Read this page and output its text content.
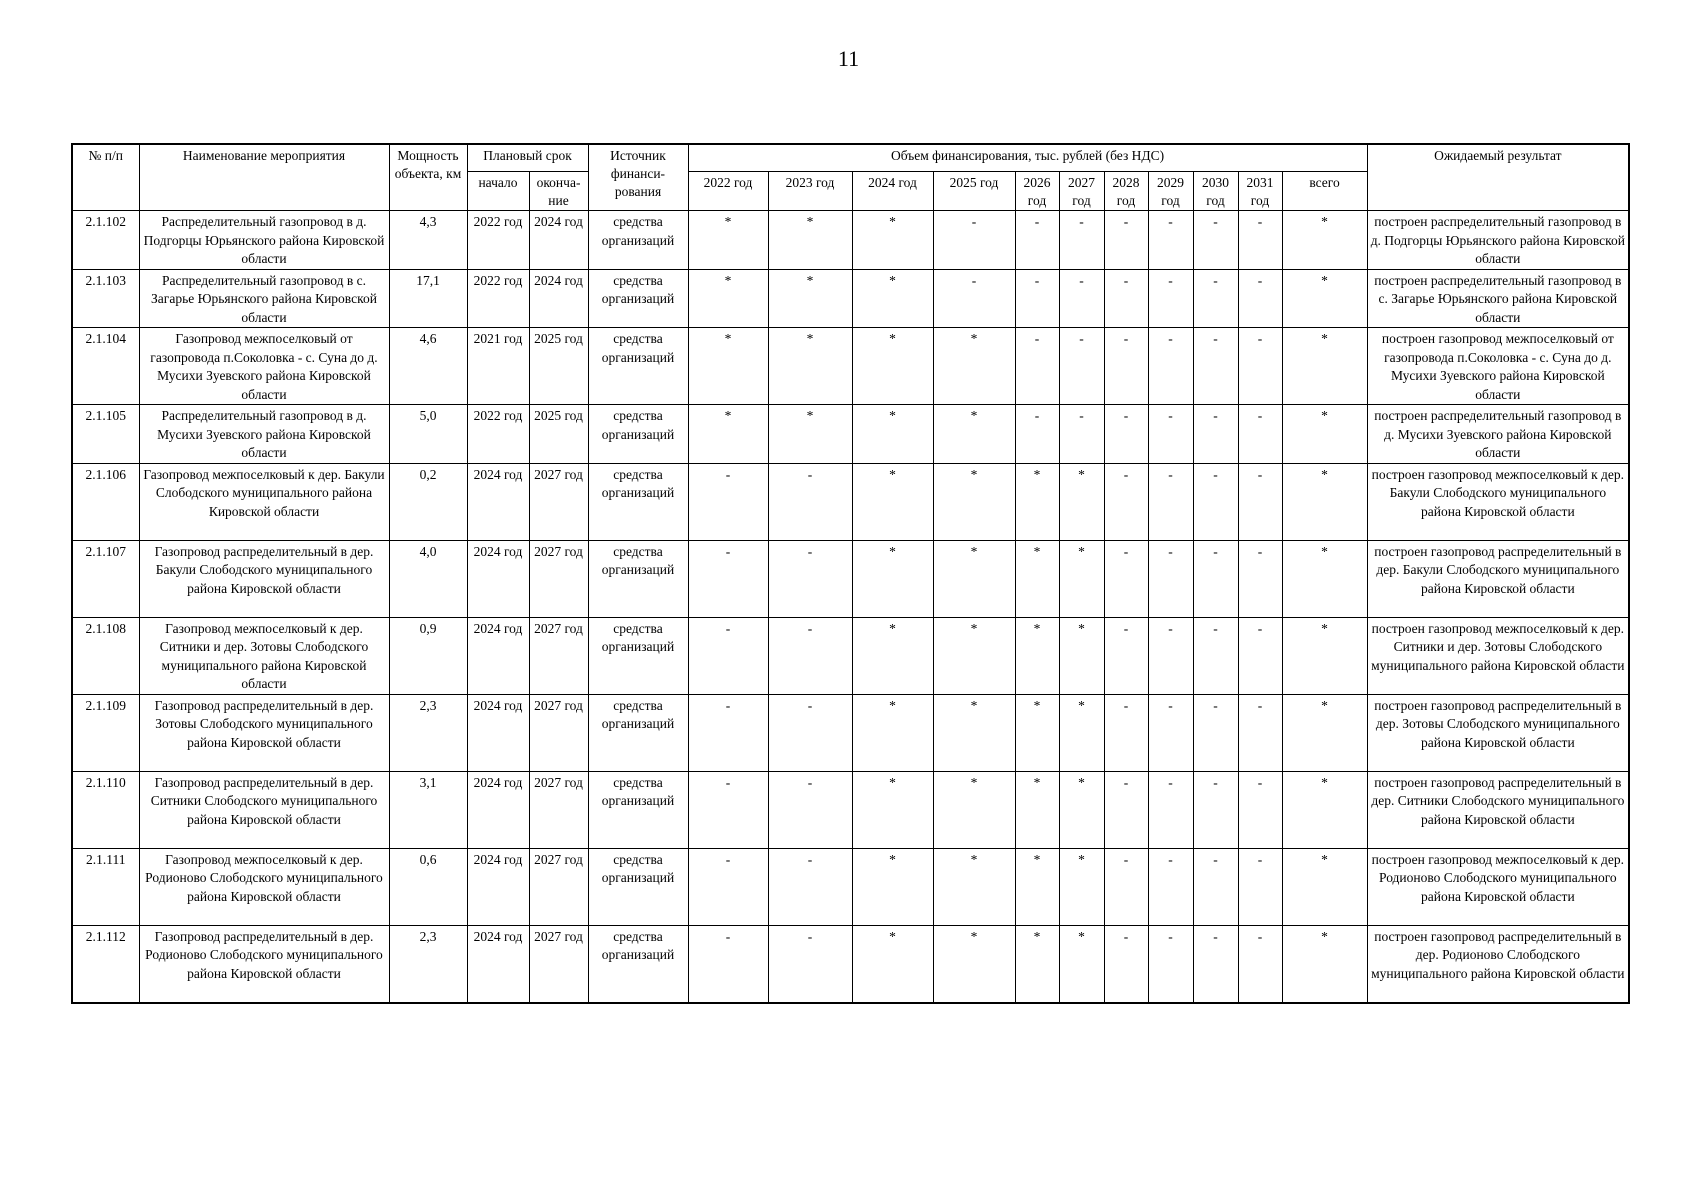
11
№ п/п	Наименование мероприятия	Мощность объекта, км	Плановый срок		Источник финанси-рования	Объем финансирования, тыс. рублей (без НДС)											Ожидаемый результат
			начало	оконча-ние		2022 год	2023 год	2024 год	2025 год	2026 год	2027 год	2028 год	2029 год	2030 год	2031 год	всего	
2.1.102	Распределительный газопровод в д. Подгорцы Юрьянского района Кировской области	4,3	2022 год	2024 год	средства организаций	*	*	*	-	-	-	-	-	-	-	*	построен распределительный газопровод в д. Подгорцы Юрьянского района Кировской области
2.1.103	Распределительный газопровод в с. Загарье Юрьянского района Кировской области	17,1	2022 год	2024 год	средства организаций	*	*	*	-	-	-	-	-	-	-	*	построен распределительный газопровод в с. Загарье Юрьянского района Кировской области
2.1.104	Газопровод межпоселковый от газопровода п.Соколовка - с. Суна до д. Мусихи Зуевского района Кировской области	4,6	2021 год	2025 год	средства организаций	*	*	*	*	-	-	-	-	-	-	*	построен газопровод межпоселковый от газопровода п.Соколовка - с. Суна до д. Мусихи Зуевского района Кировской области
2.1.105	Распределительный газопровод в д. Мусихи Зуевского района Кировской области	5,0	2022 год	2025 год	средства организаций	*	*	*	*	-	-	-	-	-	-	*	построен распределительный газопровод в д. Мусихи Зуевского района Кировской области
2.1.106	Газопровод межпоселковый к дер. Бакули Слободского муниципального района Кировской области	0,2	2024 год	2027 год	средства организаций	-	-	*	*	*	*	-	-	-	-	*	построен газопровод межпоселковый к дер. Бакули Слободского муниципального района Кировской области
2.1.107	Газопровод распределительный в дер. Бакули Слободского муниципального района Кировской области	4,0	2024 год	2027 год	средства организаций	-	-	*	*	*	*	-	-	-	-	*	построен газопровод распределительный в дер. Бакули Слободского муниципального района Кировской области
2.1.108	Газопровод межпоселковый к дер. Ситники и дер. Зотовы Слободского муниципального района Кировской области	0,9	2024 год	2027 год	средства организаций	-	-	*	*	*	*	-	-	-	-	*	построен газопровод межпоселковый к дер. Ситники и дер. Зотовы Слободского муниципального района Кировской области
2.1.109	Газопровод распределительный в дер. Зотовы Слободского муниципального района Кировской области	2,3	2024 год	2027 год	средства организаций	-	-	*	*	*	*	-	-	-	-	*	построен газопровод распределительный в дер. Зотовы Слободского муниципального района Кировской области
2.1.110	Газопровод распределительный в дер. Ситники Слободского муниципального района Кировской области	3,1	2024 год	2027 год	средства организаций	-	-	*	*	*	*	-	-	-	-	*	построен газопровод распределительный в дер. Ситники Слободского муниципального района Кировской области
2.1.111	Газопровод межпоселковый к дер. Родионово Слободского муниципального района Кировской области	0,6	2024 год	2027 год	средства организаций	-	-	*	*	*	*	-	-	-	-	*	построен газопровод межпоселковый к дер. Родионово Слободского муниципального района Кировской области
2.1.112	Газопровод распределительный в дер. Родионово Слободского муниципального района Кировской области	2,3	2024 год	2027 год	средства организаций	-	-	*	*	*	*	-	-	-	-	*	построен газопровод распределительный в дер. Родионово Слободского муниципального района Кировской области
